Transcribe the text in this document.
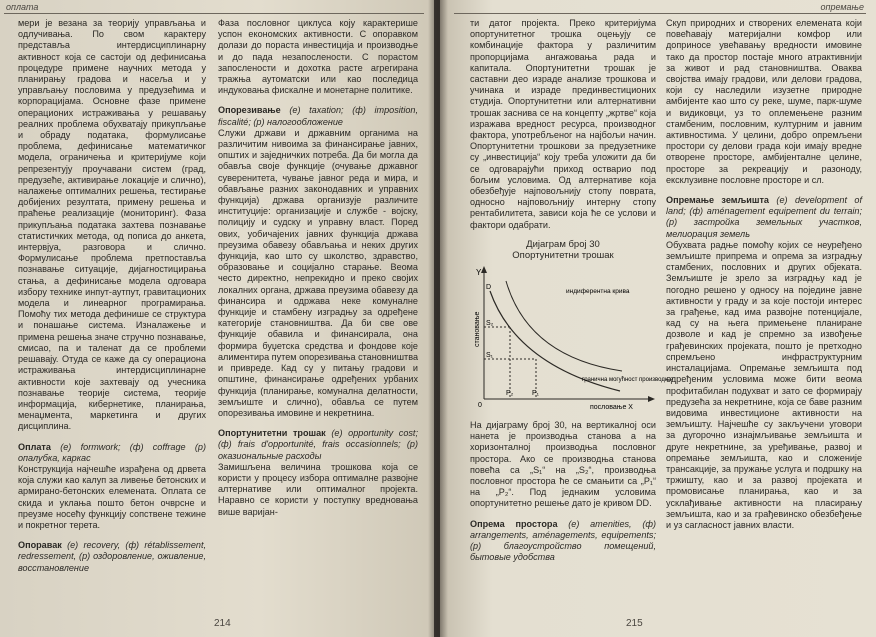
оплата

мери је везана за теорију управљања и одлучивања. По свом карактеру представља интердисциплинарну активност која се састоји од дефинисања процедуре примене научних метода у планирању градова и насеља и у управљању пословима у предузећима и корпорацијама. Основне фазе примене операционих истраживања у решавању реалних проблема обухватају прикупљање и обраду података, формулисање проблема, дефинисање математичког модела, ограничења и критеријуме који репрезентују проучавани систем (град, предузеће, активирање локације и слично), налажење оптималних решења, тестирање добијених резултата, примену решења и праћење реализације (мониторинг). Фаза прикупљања података захтева познавање статистичких метода, од пописа до анкета, интервјуа, разговора и слично. Формулисање проблема претпоставља познавање ситуације, дијагностицирања стања, а дефинисање модела одговара избору технике инпут-аутпут, гравитационих модела и линеарног програмирања. Помоћу тих метода дефинише се структура и понашање система. Изналажење и примена решења значе стручно познавање, смисао, па и таленат да се проблеми решавају. Отуда се каже да су операциона истраживања интердисциплинарне активности које захтевају од учесника познавање теорије система, теорије информација, кибернетике, планирања, менаџмента, маркетинга и других дисциплина.

Оплата (e) formwork; (ф) coffrage (р) опалубка, каркас

Конструкција најчешће израђена од дрвета која служи као калуп за ливење бетонских и армирано-бетонских елемената. Оплата се скида и уклања пошто бетон очврсне и преузме носећу функцију сопствене тежине и покретног терета.

Опоравак (e) recovery, (ф) rétablissement, redressement, (р) оздоровление, оживление, восстановление

Фаза пословног циклуса коју карактерише успон економских активности. С опоравком долази до пораста инвестиција и производње и до пада незапослености. С порастом запослености и дохотка расте агрегирана тражња аутоматски или као последица индуковања фискалне и монетарне политике.

Опорезивање (e) taxation; (ф) imposition, fiscalité; (р) налогообложение

Служи држави и државним органима на различитим нивоима за финансирање јавних, општих и заједничких потреба. Да би могла да обавља своје функције (очување државног суверенитета, чување јавног реда и мира, и обављање разних законодавних и управних функција) држава организује различите институције: организације и службе - војску, полицију и судску и управну власт. Поред ових, уобичајених јавних функција држава преузима обавезу обављања и неких других функција, као што су школство, здравство, образовање и социјално старање. Веома често директно, непрекидно и преко својих локалних органа, држава преузима обавезу да финансира и одржава неке комуналне функције и стамбену изградњу за одређене категорије становништва. Да би све ове функције обавила и финансирала, она формира буџетска средства и фондове које алиментира путем опорезивања становништва и привреде. Кад су у питању градови и општине, финансирање одређених урбаних функција (планирање, комунална делатности, земљиште и слично), обавља се путем опорезивања имовине и некретнина.

Опортунитетни трошак (e) opportunity cost; (ф) frais d'opportunité, frais occasionnels; (р) оказиональные расходы

Замишљена величина трошкова која се користи у процесу избора оптималне развојне алтернативе или оптималног пројекта. Наравно се користи у поступку вредновања више варијан-

214
опремање

ти датог пројекта. Преко критеријума опортунитетног трошка оцењују се комбинације фактора у различитим пропорцијама ангажовања рада и капитала. Опортунитетни трошак је саставни део израде анализе трошкова и учинака и израде прединвестиционих студија. Опортунитетни или алтернативни трошак заснива се на концепту „жртве“ која изражава вредност ресурса, производног фактора, употребљеног на најбољи начин. Опортунитетни трошкови за предузетнике су „инвестиција“ коју треба уложити да би се одговарајући приход остварио под бољим условима. Од алтернативе која обезбеђује најповољнију стопу поврата, односно најповољнију интерну стопу рентабилитета, зависи која ће се услови и фактори одабрати.

Дијаграм број 30
Опортунитетни трошак
Y
становање
пословање X
0
D
S₂
S₁
P₂	P₁
индиферентна крива
гранична могућност производње

На дијаграму број 30, на вертикалној оси нанета је производња станова а на хоризонталној производња пословног простора. Ако се производња станова повећа са „S₁“ на „S₂“, производња пословног простора ће се смањити са „P₁“ на „P₂“. Под једнаким условима опортунитетно решење дато је кривом DD.

Опрема простора (e) amenities, (ф) arrangements, aménagements, equipements; (р) благоустройство помещений, бытовые удобства

Скуп природних и створених елемената који повећавају материјални комфор или доприносе увећавању вредности имовине тако да простор постаје много атрактивнији за живот и рад становништва. Оваква својства имају градови, или делови градова, који су наследили изузетне природне амбијенте као што су реке, шуме, парк-шуме и видиковци, уз то оплемењене разним стамбеним, пословним, културним и јавним активностима. У целини, добро опремљени простори су делови града који имају вредне отворене просторе, амбијенталне целине, просторе за рекреацију и разоноду, ексклузивне пословне просторе и сл.

Опремање земљишта (e) development of land; (ф) aménagement equipement du terrain; (р) застройка земельных участков, мелиорация земель

Обухвата радње помоћу којих се неуређено земљиште припрема и опрема за изградњу стамбених, пословних и других објеката. Земљиште је зрело за изградњу кад је погодно решено у односу на поједине јавне активности у граду и за које постоји интерес за грађење, кад има развојне потенцијале, кад су на њега примењене планиране дозволе и кад је спремно за извођење грађевинских пројеката, пошто је претходно спремљено инфраструктурним инсталацијама. Опремање земљишта под одређеним условима може бити веома профитабилан подухват и зато се формирају предузећа за некретнине, која се баве разним видовима инвестиционе активности на земљишту. Најчешће су закључени уговори за дугорочно изнајмљивање земљишта и друге некретнине, за уређивање, развој и опремање земљишта, као и сложеније трансакције, за пружање услуга и подршку на тржишту, као и за развој пројеката и промовисање планирања, као и за усклађивање активности на пласирању земљишта, као и за грађевинско обезбеђење и уз сагласност јавних власти.

215
